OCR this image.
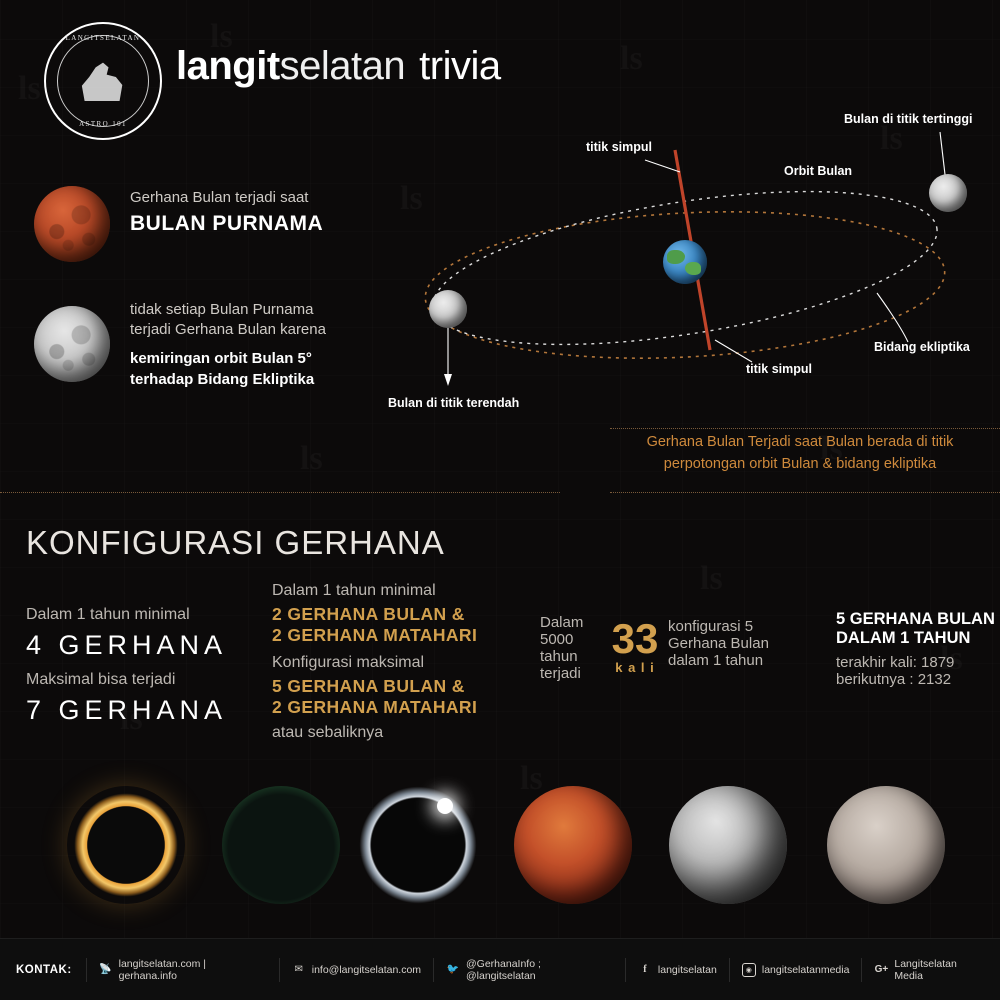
LANGITSELATAN
ASTRO 101
langitselatan trivia
Gerhana Bulan terjadi saat
BULAN PURNAMA
tidak setiap Bulan Purnama
terjadi Gerhana Bulan karena
kemiringan orbit Bulan 5°
terhadap Bidang Ekliptika
titik simpul
titik simpul
Orbit Bulan
Bulan di titik tertinggi
Bulan di titik terendah
Bidang ekliptika
Gerhana Bulan Terjadi saat Bulan berada di titik
perpotongan orbit Bulan & bidang ekliptika
KONFIGURASI GERHANA
Dalam 1 tahun minimal
4 GERHANA
Maksimal bisa terjadi
7 GERHANA
Dalam 1 tahun minimal
2 GERHANA BULAN &
2 GERHANA MATAHARI
Konfigurasi maksimal
5 GERHANA BULAN &
2 GERHANA MATAHARI
atau sebaliknya
Dalam
5000
tahun
terjadi
33
k a l i
konfigurasi 5
Gerhana Bulan
dalam 1 tahun
5 GERHANA BULAN
DALAM 1 TAHUN
terakhir kali: 1879
berikutnya : 2132
KONTAK:	📡 langitselatan.com | gerhana.info	✉ info@langitselatan.com	🐦 @GerhanaInfo ; @langitselatan	f	langitselatan	◉ langitselatanmedia	G+ Langitselatan Media
